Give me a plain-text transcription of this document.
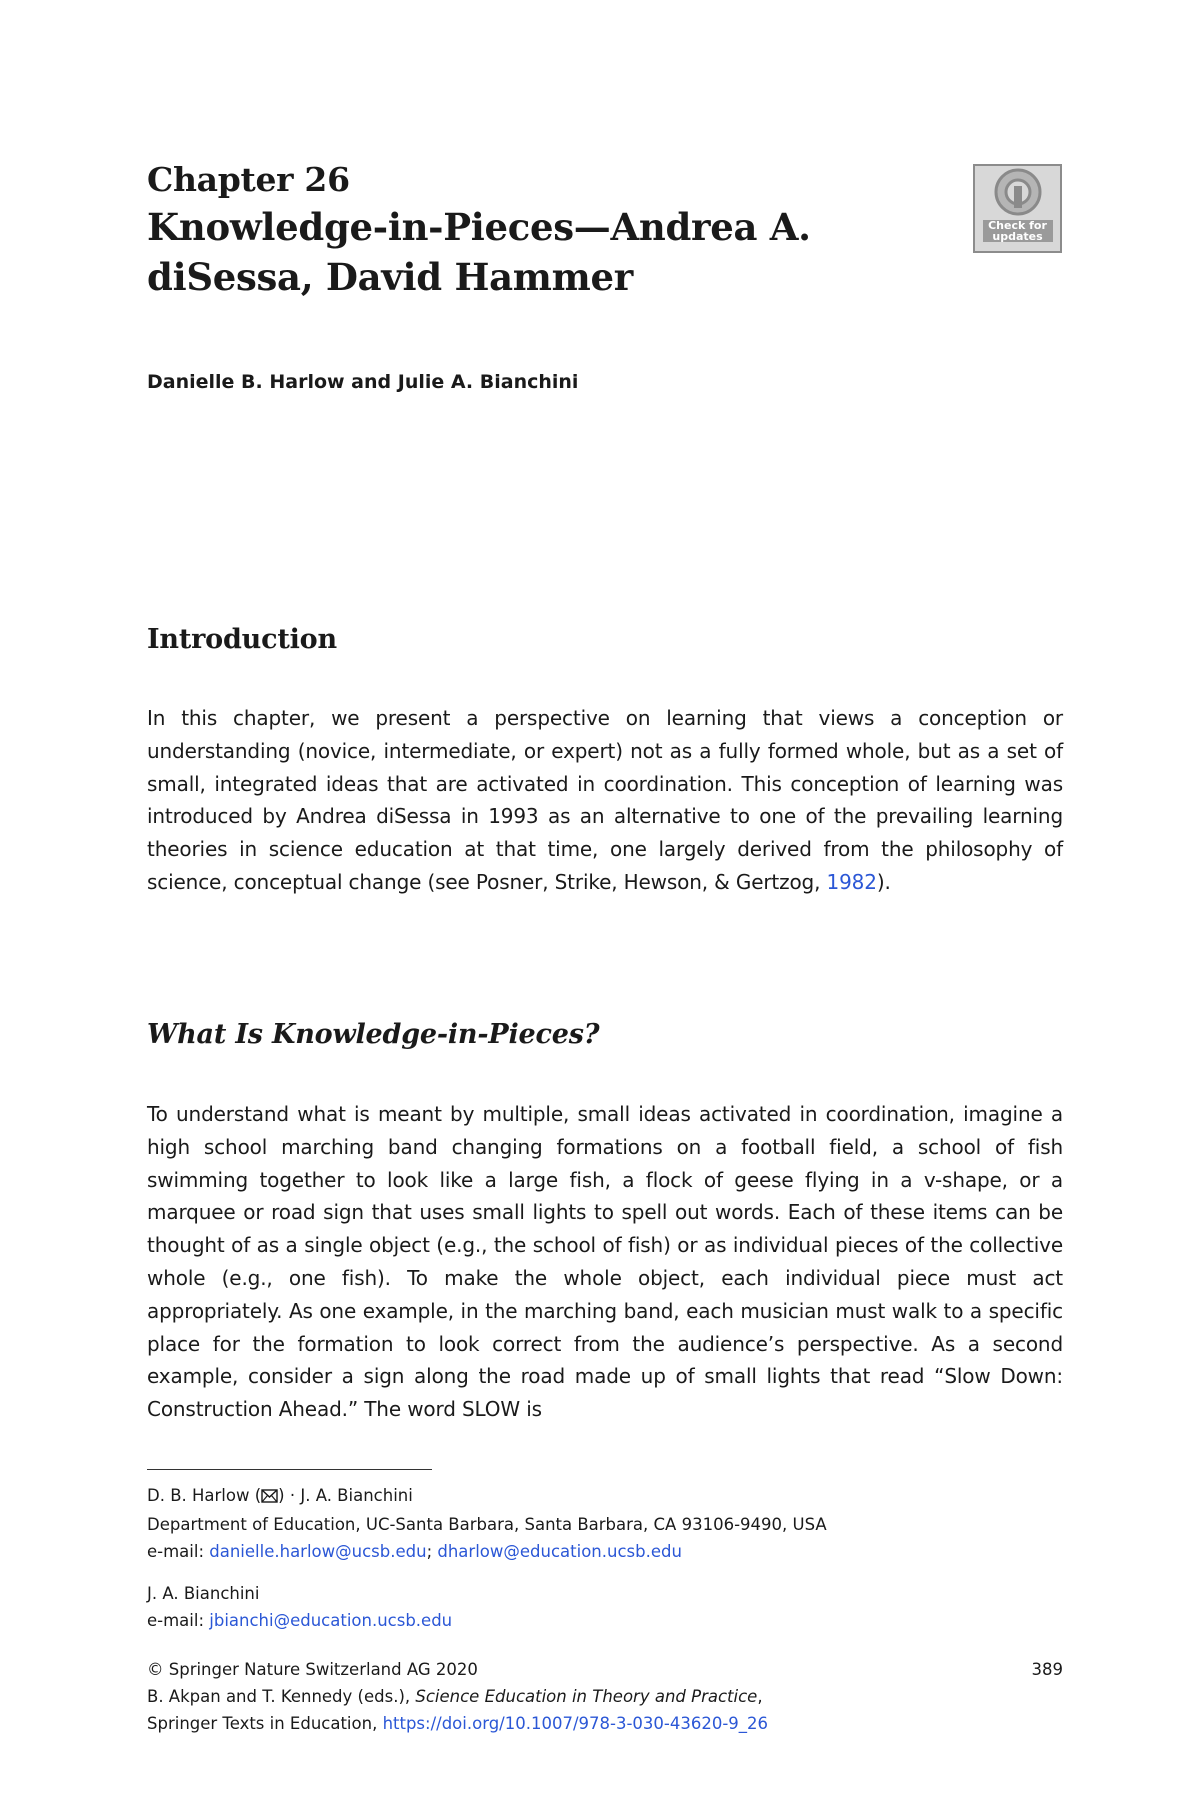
Chapter 26
Knowledge-in-Pieces—Andrea A.
diSessa, David Hammer
Check for
updates
Danielle B. Harlow and Julie A. Bianchini
Introduction
In this chapter, we present a perspective on learning that views a conception or understanding (novice, intermediate, or expert) not as a fully formed whole, but as a set of small, integrated ideas that are activated in coordination. This conception of learning was introduced by Andrea diSessa in 1993 as an alternative to one of the prevailing learning theories in science education at that time, one largely derived from the philosophy of science, conceptual change (see Posner, Strike, Hewson, & Gertzog, 1982).
What Is Knowledge-in-Pieces?
To understand what is meant by multiple, small ideas activated in coordination, imagine a high school marching band changing formations on a football field, a school of fish swimming together to look like a large fish, a flock of geese flying in a v-shape, or a marquee or road sign that uses small lights to spell out words. Each of these items can be thought of as a single object (e.g., the school of fish) or as individual pieces of the collective whole (e.g., one fish). To make the whole object, each individual piece must act appropriately. As one example, in the marching band, each musician must walk to a specific place for the formation to look correct from the audience’s perspective. As a second example, consider a sign along the road made up of small lights that read “Slow Down: Construction Ahead.” The word SLOW is
D. B. Harlow ( ) · J. A. Bianchini
Department of Education, UC-Santa Barbara, Santa Barbara, CA 93106-9490, USA
e-mail: danielle.harlow@ucsb.edu; dharlow@education.ucsb.edu
J. A. Bianchini
e-mail: jbianchi@education.ucsb.edu
© Springer Nature Switzerland AG 2020	389
B. Akpan and T. Kennedy (eds.), Science Education in Theory and Practice,
Springer Texts in Education, https://doi.org/10.1007/978-3-030-43620-9_26
